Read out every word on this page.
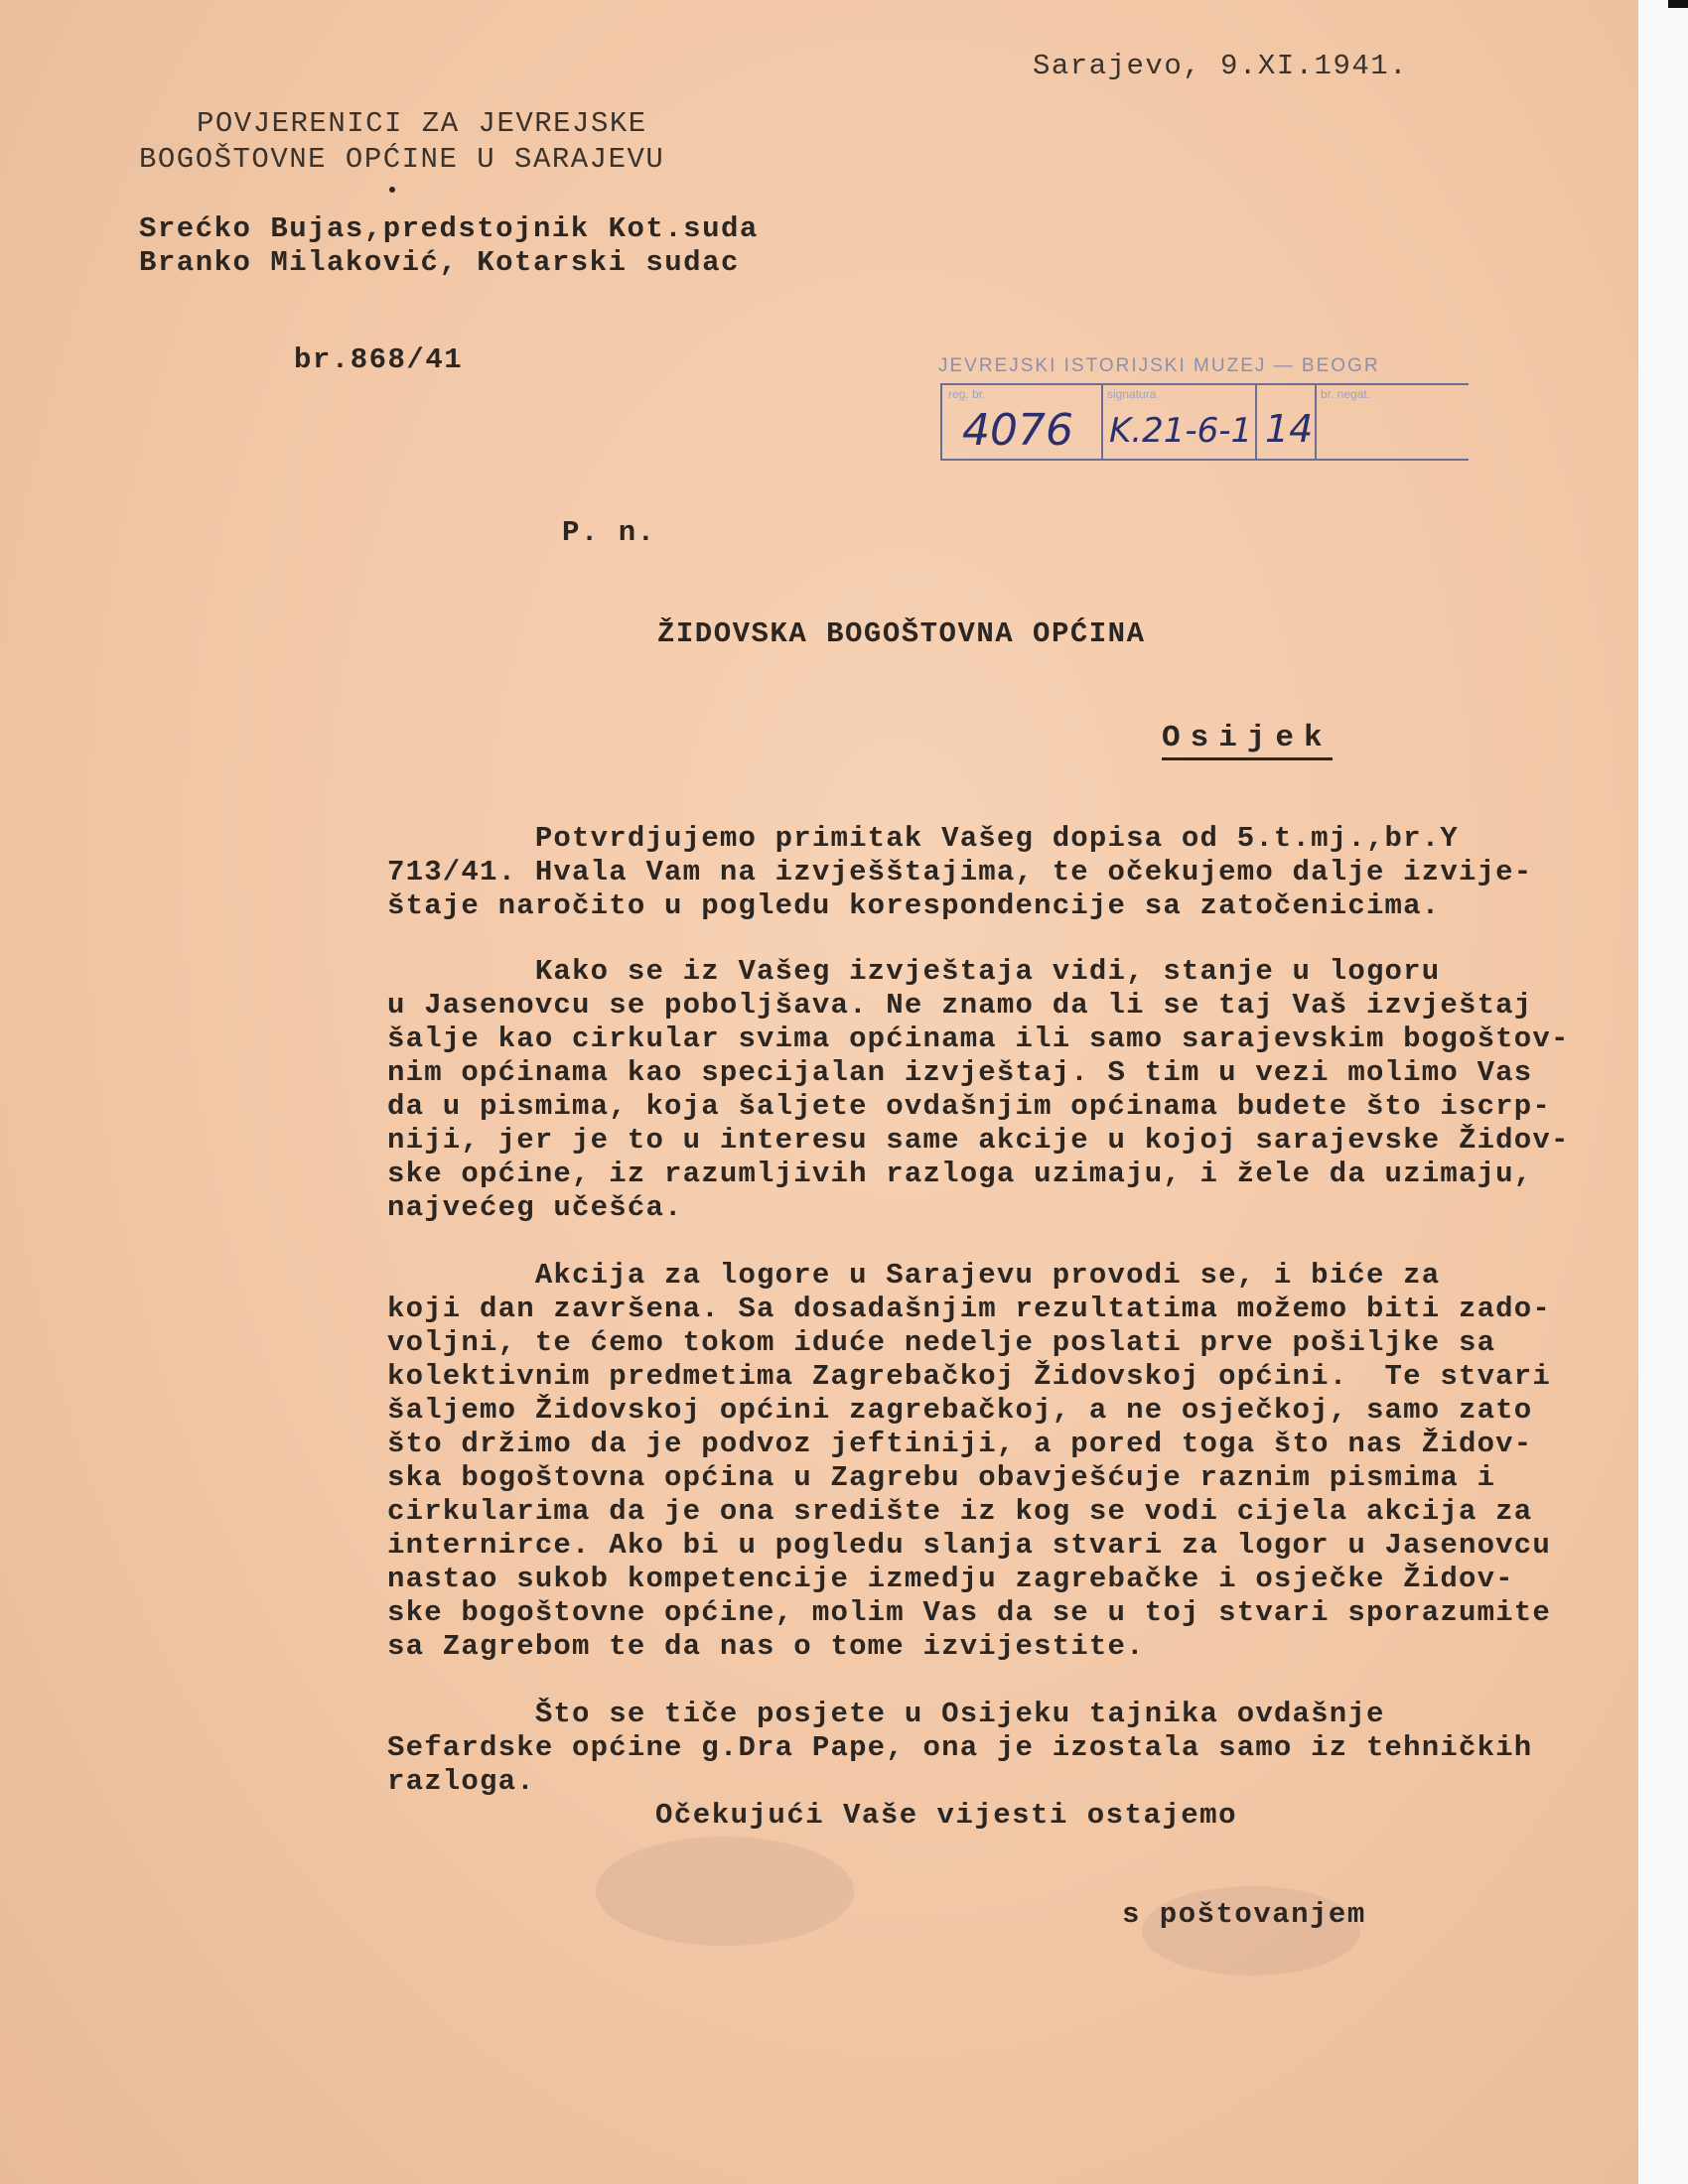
Sarajevo, 9.XI.1941.
POVJERENICI ZA JEVREJSKE
BOGOŠTOVNE OPĆINE U SARAJEVU
Srećko Bujas,predstojnik Kot.suda
Branko Milaković, Kotarski sudac
br.868/41	JEVREJSKI ISTORIJSKI MUZEJ — BEOGR
reg. br.
4076
signatura
K.21-6-1 14
br. negat.
P. n.
ŽIDOVSKA BOGOŠTOVNA OPĆINA
Osijek
Potvrdjujemo primitak Vašeg dopisa od 5.t.mj.,br.Y
713/41. Hvala Vam na izvješštajima, te očekujemo dalje izvije-
štaje naročito u pogledu korespondencije sa zatočenicima.
Kako se iz Vašeg izvještaja vidi, stanje u logoru
u Jasenovcu se poboljšava. Ne znamo da li se taj Vaš izvještaj
šalje kao cirkular svima općinama ili samo sarajevskim bogoštov-
nim općinama kao specijalan izvještaj. S tim u vezi molimo Vas
da u pismima, koja šaljete ovdašnjim općinama budete što iscrp-
niji, jer je to u interesu same akcije u kojoj sarajevske Židov-
ske općine, iz razumljivih razloga uzimaju, i žele da uzimaju,
najvećeg učešća.
Akcija za logore u Sarajevu provodi se, i biće za
koji dan završena. Sa dosadašnjim rezultatima možemo biti zado-
voljni, te ćemo tokom iduće nedelje poslati prve pošiljke sa
kolektivnim predmetima Zagrebačkoj Židovskoj općini.  Te stvari
šaljemo Židovskoj općini zagrebačkoj, a ne osječkoj, samo zato
što držimo da je podvoz jeftiniji, a pored toga što nas Židov-
ska bogoštovna općina u Zagrebu obavješćuje raznim pismima i
cirkularima da je ona središte iz kog se vodi cijela akcija za
internirce. Ako bi u pogledu slanja stvari za logor u Jasenovcu
nastao sukob kompetencije izmedju zagrebačke i osječke Židov-
ske bogoštovne općine, molim Vas da se u toj stvari sporazumite
sa Zagrebom te da nas o tome izvijestite.
Što se tiče posjete u Osijeku tajnika ovdašnje
Sefardske općine g.Dra Pape, ona je izostala samo iz tehničkih
razloga.
Očekujući Vaše vijesti ostajemo
s poštovanjem
